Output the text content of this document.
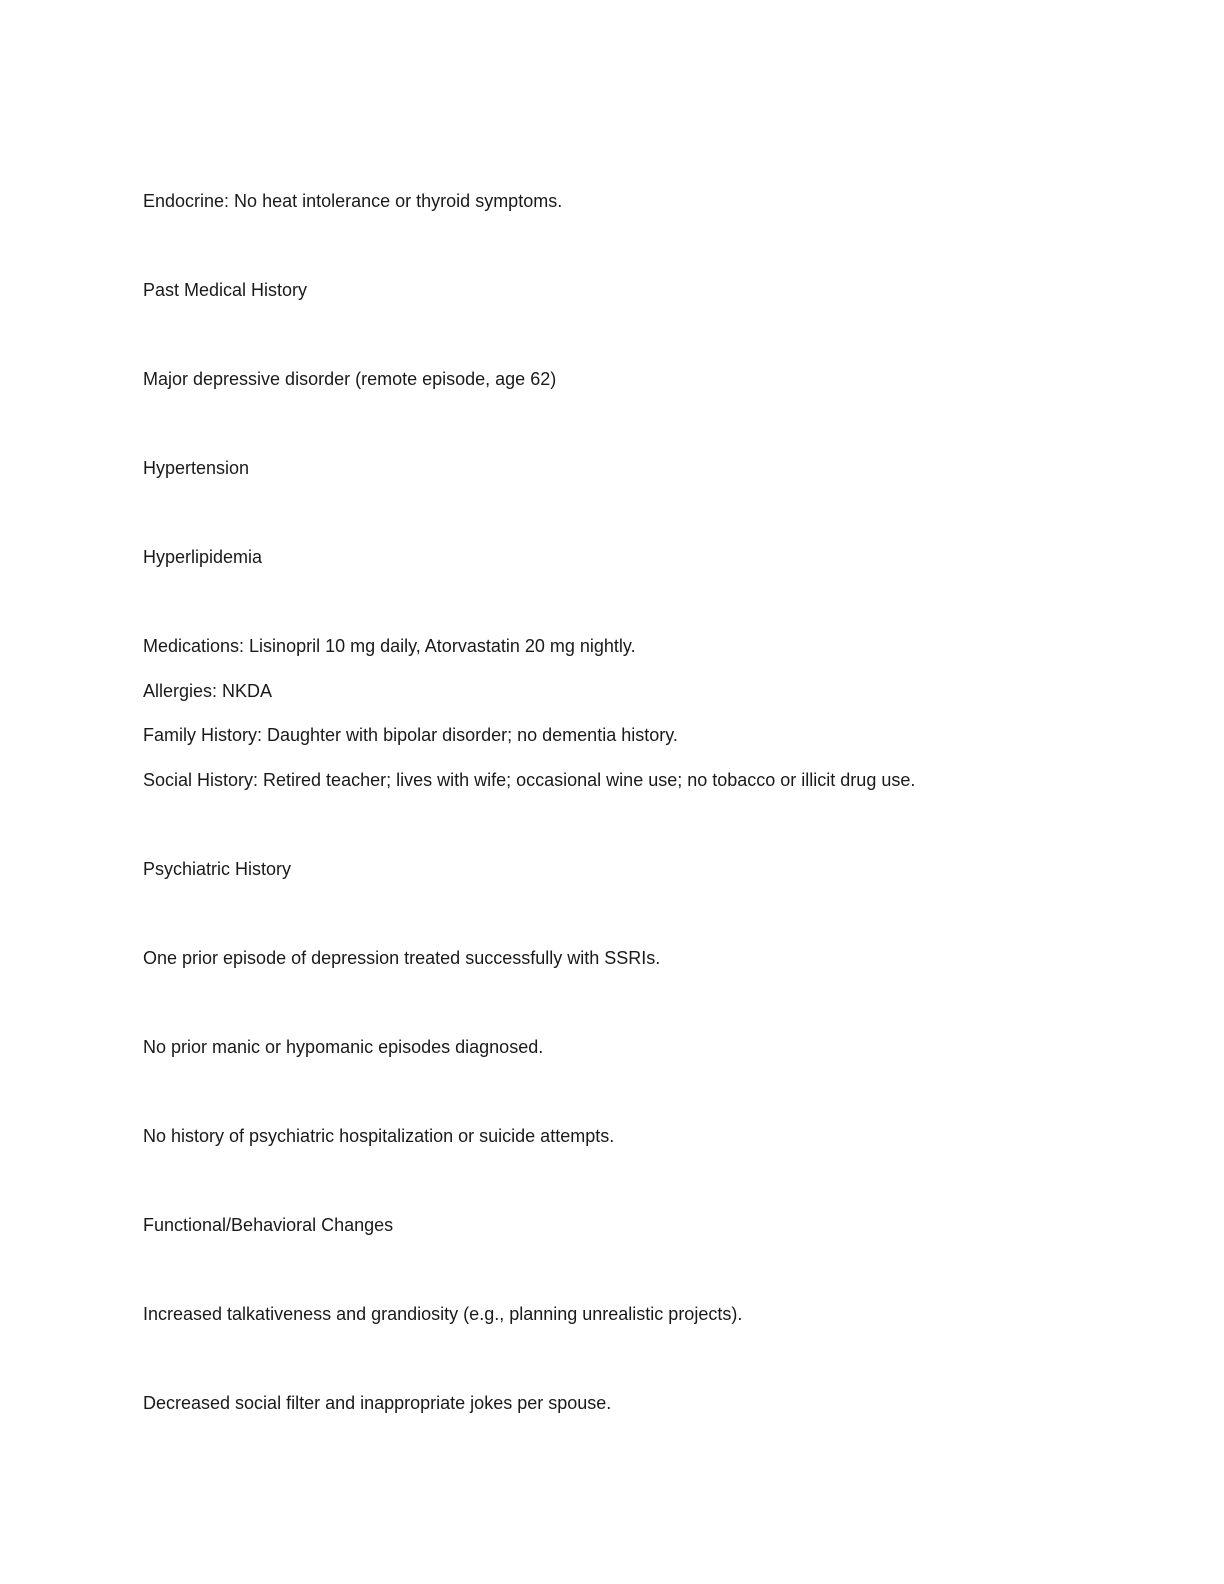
Endocrine: No heat intolerance or thyroid symptoms.

Past Medical History

Major depressive disorder (remote episode, age 62)

Hypertension

Hyperlipidemia

Medications: Lisinopril 10 mg daily, Atorvastatin 20 mg nightly.

Allergies: NKDA

Family History: Daughter with bipolar disorder; no dementia history.

Social History: Retired teacher; lives with wife; occasional wine use; no tobacco or illicit drug use.

Psychiatric History

One prior episode of depression treated successfully with SSRIs.

No prior manic or hypomanic episodes diagnosed.

No history of psychiatric hospitalization or suicide attempts.

Functional/Behavioral Changes

Increased talkativeness and grandiosity (e.g., planning unrealistic projects).

Decreased social filter and inappropriate jokes per spouse.
